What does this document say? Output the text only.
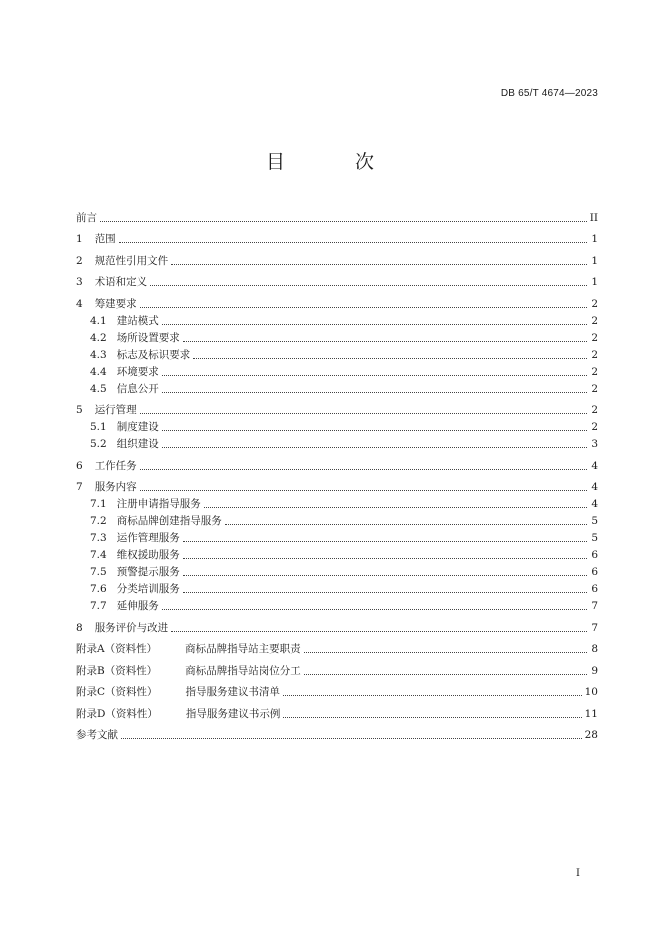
DB 65/T 4674—2023
目 次
前言	II
1 范围	1
2 规范性引用文件	1
3 术语和定义	1
4 筹建要求	2
4.1 建站模式	2
4.2 场所设置要求	2
4.3 标志及标识要求	2
4.4 环境要求	2
4.5 信息公开	2
5 运行管理	2
5.1 制度建设	2
5.2 组织建设	3
6 工作任务	4
7 服务内容	4
7.1 注册申请指导服务	4
7.2 商标品牌创建指导服务	5
7.3 运作管理服务	5
7.4 维权援助服务	6
7.5 预警提示服务	6
7.6 分类培训服务	6
7.7 延伸服务	7
8 服务评价与改进	7
附录A（资料性）	商标品牌指导站主要职责	8
附录B（资料性）	商标品牌指导站岗位分工	9
附录C（资料性）	指导服务建议书清单	10
附录D（资料性）	指导服务建议书示例	11
参考文献	28
I
